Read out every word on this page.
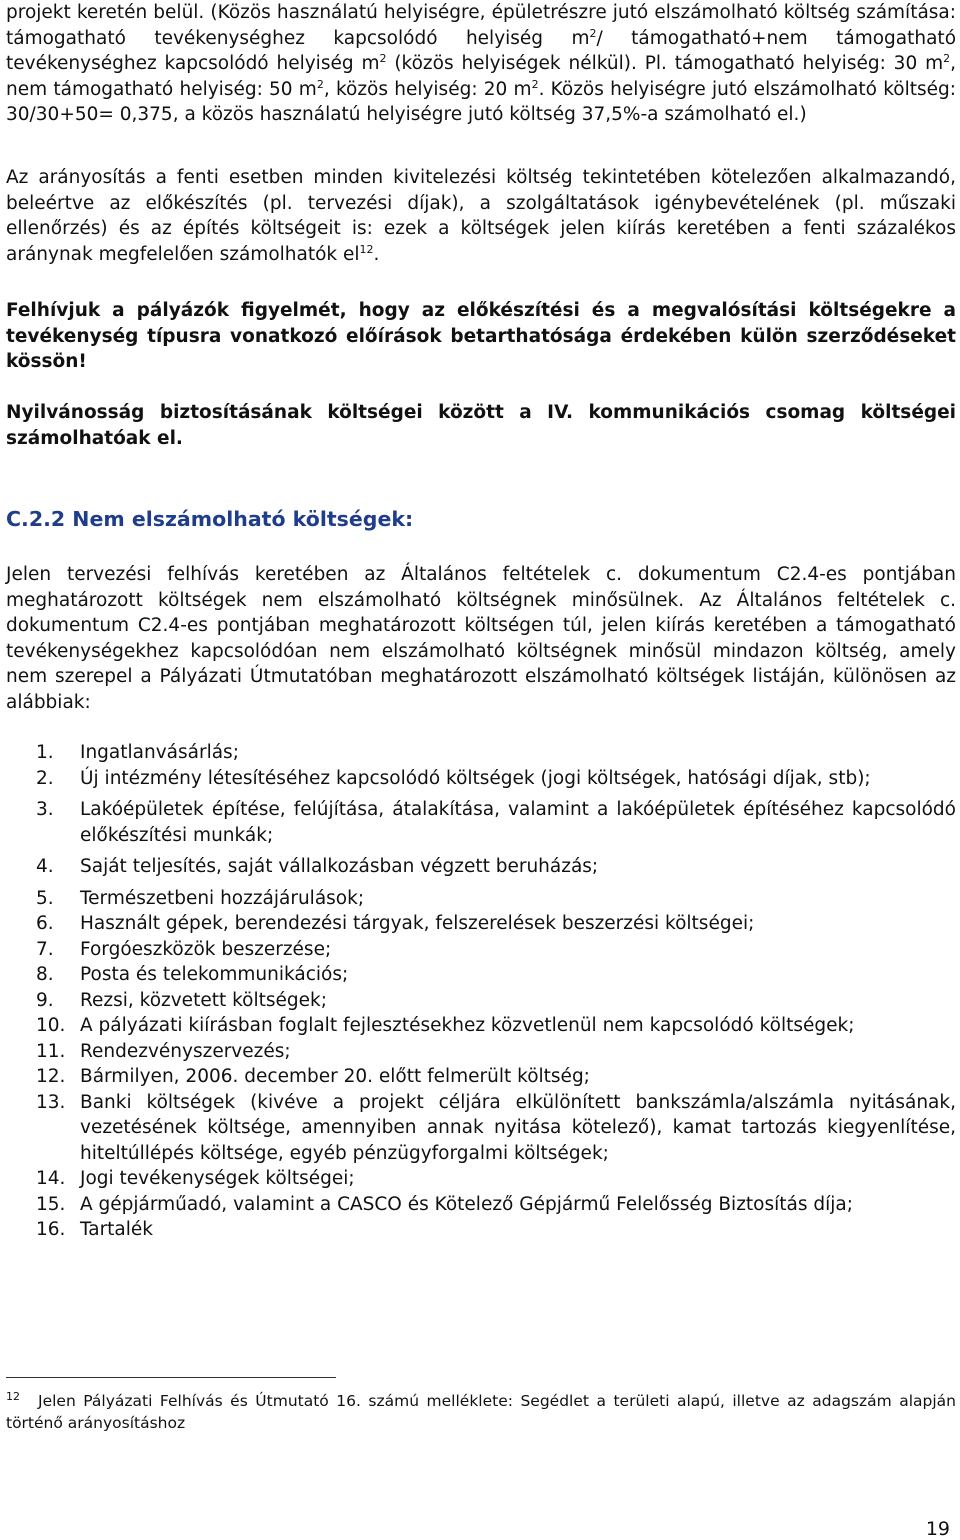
projekt keretén belül. (Közös használatú helyiségre, épületrészre jutó elszámolható költség számítása: támogatható tevékenységhez kapcsolódó helyiség $m^2/$ támogatható+nem támogatható tevékenységhez kapcsolódó helyiség $m^2$ (közös helyiségek nélkül). Pl. támogatható helyiség: 30 $m^2$, nem támogatható helyiség: 50 $m^2$, közös helyiség: 20 $m^2$. Közös helyiségre jutó elszámolható költség: 30/30+50= 0,375, a közös használatú helyiségre jutó költség 37,5%-a számolható el.)

Az arányosítás a fenti esetben minden kivitelezési költség tekintetében kötelezően alkalmazandó, beleértve az előkészítés (pl. tervezési díjak), a szolgáltatások igénybevételének (pl. műszaki ellenőrzés) és az építés költségeit is: ezek a költségek jelen kiírás keretében a fenti százalékos aránynak megfelelően számolhatók $el^{12}$.

Felhívjuk a pályázók figyelmét, hogy az előkészítési és a megvalósítási költségekre a tevékenység típusra vonatkozó előírások betarthatósága érdekében külön szerződéseket kössön!

Nyilvánosság biztosításának költségei között a IV. kommunikációs csomag költségei számolhatóak el.

C.2.2 Nem elszámolható költségek:

Jelen tervezési felhívás keretében az Általános feltételek c. dokumentum C2.4-es pontjában meghatározott költségek nem elszámolható költségnek minősülnek. Az Általános feltételek c. dokumentum C2.4-es pontjában meghatározott költségen túl, jelen kiírás keretében a támogatható tevékenységekhez kapcsolódóan nem elszámolható költségnek minősül mindazon költség, amely nem szerepel a Pályázati Útmutatóban meghatározott elszámolható költségek listáján, különösen az alábbiak:

1.	Ingatlanvásárlás;
2.	Új intézmény létesítéséhez kapcsolódó költségek (jogi költségek, hatósági díjak, stb);
3.	Lakóépületek építése, felújítása, átalakítása, valamint a lakóépületek építéséhez kapcsolódó előkészítési munkák;
4.	Saját teljesítés, saját vállalkozásban végzett beruházás;
5.	Természetbeni hozzájárulások;
6.	Használt gépek, berendezési tárgyak, felszerelések beszerzési költségei;
7.	Forgóeszközök beszerzése;
8.	Posta és telekommunikációs;
9.	Rezsi, közvetett költségek;
10. A pályázati kiírásban foglalt fejlesztésekhez közvetlenül nem kapcsolódó költségek;
11. Rendezvényszervezés;
12. Bármilyen, 2006. december 20. előtt felmerült költség;
13. Banki költségek (kivéve a projekt céljára elkülönített bankszámla/alszámla nyitásának, vezetésének költsége, amennyiben annak nyitása kötelező), kamat tartozás kiegyenlítése, hiteltúllépés költsége, egyéb pénzügyforgalmi költségek;
14. Jogi tevékenységek költségei;
15. A gépjárműadó, valamint a CASCO és Kötelező Gépjármű Felelősség Biztosítás díja;
16. Tartalék

$^{12}$ Jelen Pályázati Felhívás és Útmutató 16. számú melléklete: Segédlet a területi alapú, illetve az adagszám alapján történő arányosításhoz

19
